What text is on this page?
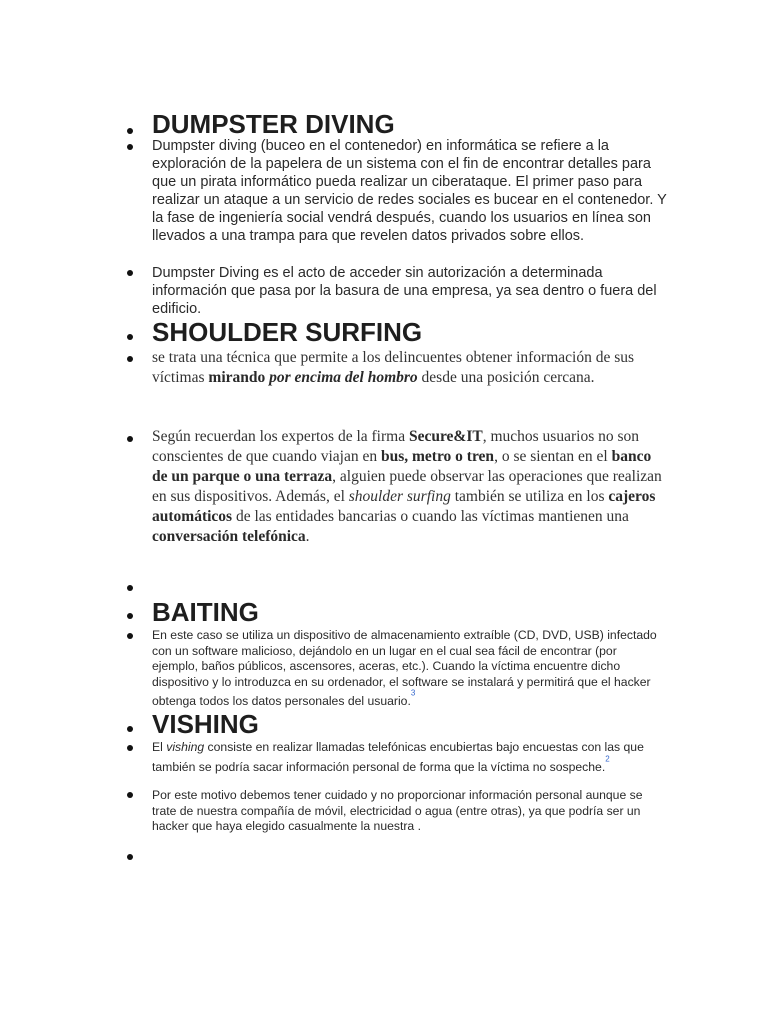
DUMPSTER DIVING
Dumpster diving (buceo en el contenedor) en informática se refiere a la exploración de la papelera de un sistema con el fin de encontrar detalles para que un pirata informático pueda realizar un ciberataque. El primer paso para realizar un ataque a un servicio de redes sociales es bucear en el contenedor. Y la fase de ingeniería social vendrá después, cuando los usuarios en línea son llevados a una trampa para que revelen datos privados sobre ellos.
Dumpster Diving es el acto de acceder sin autorización a determinada información que pasa por la basura de una empresa, ya sea dentro o fuera del edificio.
SHOULDER SURFING
se trata una técnica que permite a los delincuentes obtener información de sus víctimas mirando por encima del hombro desde una posición cercana.
Según recuerdan los expertos de la firma Secure&IT, muchos usuarios no son conscientes de que cuando viajan en bus, metro o tren, o se sientan en el banco de un parque o una terraza, alguien puede observar las operaciones que realizan en sus dispositivos. Además, el shoulder surfing también se utiliza en los cajeros automáticos de las entidades bancarias o cuando las víctimas mantienen una conversación telefónica.
BAITING
En este caso se utiliza un dispositivo de almacenamiento extraíble (CD, DVD, USB) infectado con un software malicioso, dejándolo en un lugar en el cual sea fácil de encontrar (por ejemplo, baños públicos, ascensores, aceras, etc.). Cuando la víctima encuentre dicho dispositivo y lo introduzca en su ordenador, el software se instalará y permitirá que el hacker obtenga todos los datos personales del usuario.$^{^3}$
VISHING
El vishing consiste en realizar llamadas telefónicas encubiertas bajo encuestas con las que también se podría sacar información personal de forma que la víctima no sospeche.$^{^2}$
Por este motivo debemos tener cuidado y no proporcionar información personal aunque se trate de nuestra compañía de móvil, electricidad o agua (entre otras), ya que podría ser un hacker que haya elegido casualmente la nuestra .
